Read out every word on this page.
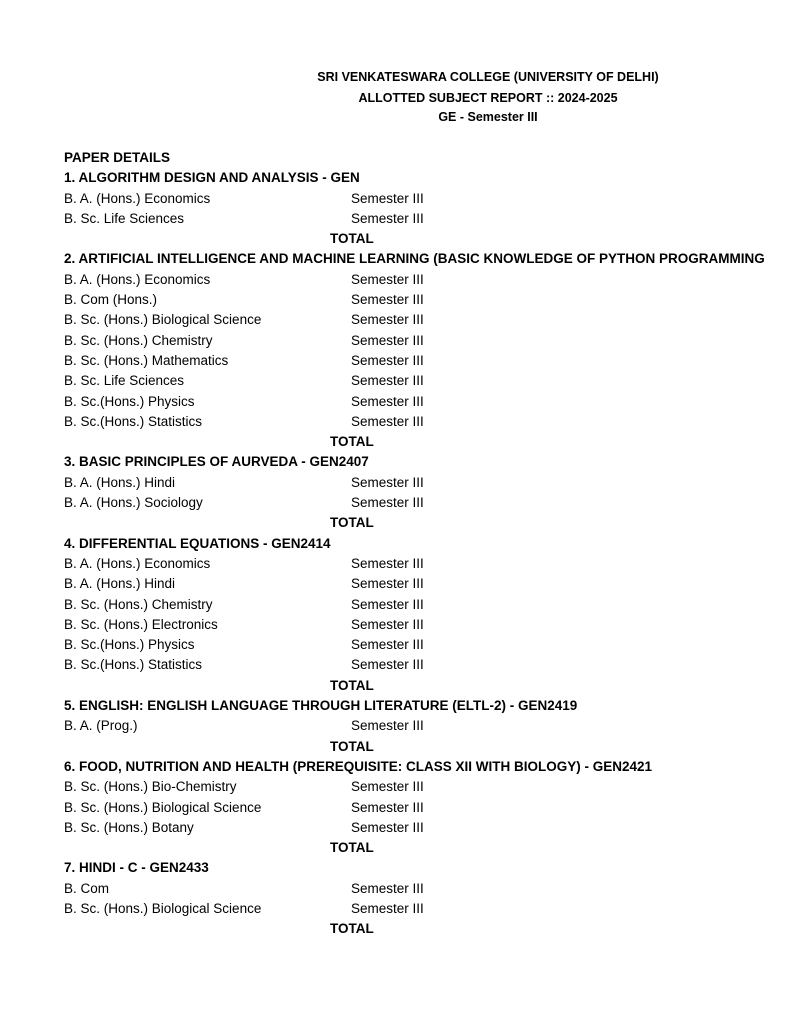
SRI VENKATESWARA COLLEGE (UNIVERSITY OF DELHI)
ALLOTTED SUBJECT REPORT :: 2024-2025
GE - Semester III
PAPER DETAILS
1. ALGORITHM DESIGN AND ANALYSIS - GEN
B. A. (Hons.) Economics	Semester III
B. Sc. Life Sciences	Semester III
TOTAL
2. ARTIFICIAL INTELLIGENCE AND MACHINE LEARNING (BASIC KNOWLEDGE OF PYTHON PROGRAMMING
B. A. (Hons.) Economics	Semester III
B. Com (Hons.)	Semester III
B. Sc. (Hons.) Biological Science	Semester III
B. Sc. (Hons.) Chemistry	Semester III
B. Sc. (Hons.) Mathematics	Semester III
B. Sc. Life Sciences	Semester III
B. Sc.(Hons.) Physics	Semester III
B. Sc.(Hons.) Statistics	Semester III
TOTAL
3. BASIC PRINCIPLES OF AURVEDA - GEN2407
B. A. (Hons.) Hindi	Semester III
B. A. (Hons.) Sociology	Semester III
TOTAL
4. DIFFERENTIAL EQUATIONS - GEN2414
B. A. (Hons.) Economics	Semester III
B. A. (Hons.) Hindi	Semester III
B. Sc. (Hons.) Chemistry	Semester III
B. Sc. (Hons.) Electronics	Semester III
B. Sc.(Hons.) Physics	Semester III
B. Sc.(Hons.) Statistics	Semester III
TOTAL
5. ENGLISH: ENGLISH LANGUAGE THROUGH LITERATURE (ELTL-2) - GEN2419
B. A. (Prog.)	Semester III
TOTAL
6. FOOD, NUTRITION AND HEALTH (PREREQUISITE: CLASS XII WITH BIOLOGY) - GEN2421
B. Sc. (Hons.) Bio-Chemistry	Semester III
B. Sc. (Hons.) Biological Science	Semester III
B. Sc. (Hons.) Botany	Semester III
TOTAL
7. HINDI - C - GEN2433
B. Com	Semester III
B. Sc. (Hons.) Biological Science	Semester III
TOTAL
